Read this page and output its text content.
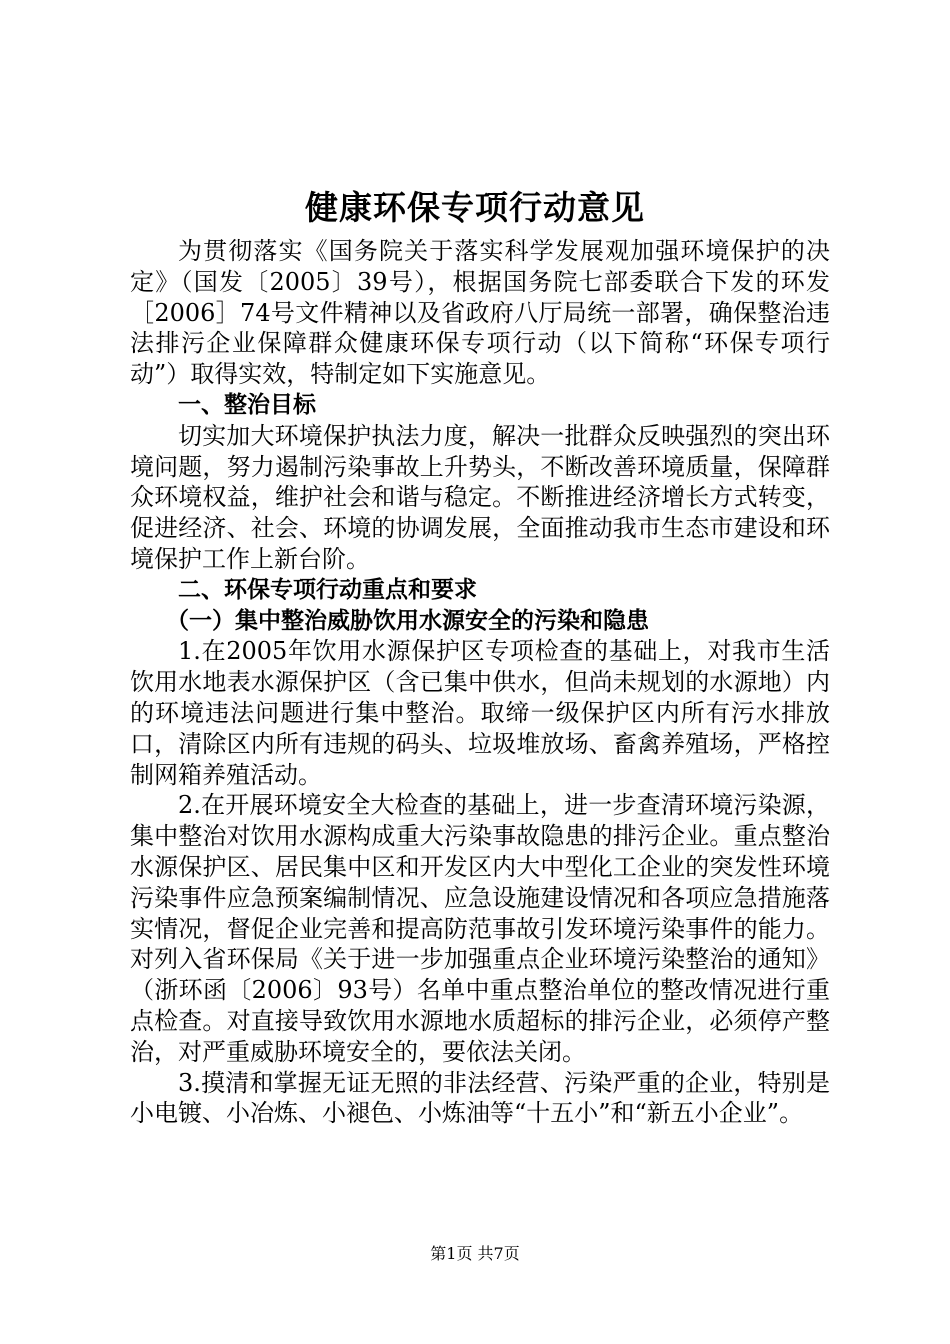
健康环保专项行动意见

为贯彻落实《国务院关于落实科学发展观加强环境保护的决定》（国发〔2005〕39号），根据国务院七部委联合下发的环发［2006］74号文件精神以及省政府八厅局统一部署，确保整治违法排污企业保障群众健康环保专项行动（以下简称“环保专项行动”）取得实效，特制定如下实施意见。

一、整治目标

切实加大环境保护执法力度，解决一批群众反映强烈的突出环境问题，努力遏制污染事故上升势头，不断改善环境质量，保障群众环境权益，维护社会和谐与稳定。不断推进经济增长方式转变，促进经济、社会、环境的协调发展，全面推动我市生态市建设和环境保护工作上新台阶。

二、环保专项行动重点和要求

（一）集中整治威胁饮用水源安全的污染和隐患

1.在2005年饮用水源保护区专项检查的基础上，对我市生活饮用水地表水源保护区（含已集中供水，但尚未规划的水源地）内的环境违法问题进行集中整治。取缔一级保护区内所有污水排放口，清除区内所有违规的码头、垃圾堆放场、畜禽养殖场，严格控制网箱养殖活动。

2.在开展环境安全大检查的基础上，进一步查清环境污染源，集中整治对饮用水源构成重大污染事故隐患的排污企业。重点整治水源保护区、居民集中区和开发区内大中型化工企业的突发性环境污染事件应急预案编制情况、应急设施建设情况和各项应急措施落实情况，督促企业完善和提高防范事故引发环境污染事件的能力。对列入省环保局《关于进一步加强重点企业环境污染整治的通知》（浙环函〔2006〕93号）名单中重点整治单位的整改情况进行重点检查。对直接导致饮用水源地水质超标的排污企业，必须停产整治，对严重威胁环境安全的，要依法关闭。

3.摸清和掌握无证无照的非法经营、污染严重的企业，特别是小电镀、小冶炼、小褪色、小炼油等“十五小”和“新五小企业”。

第1页 共7页
